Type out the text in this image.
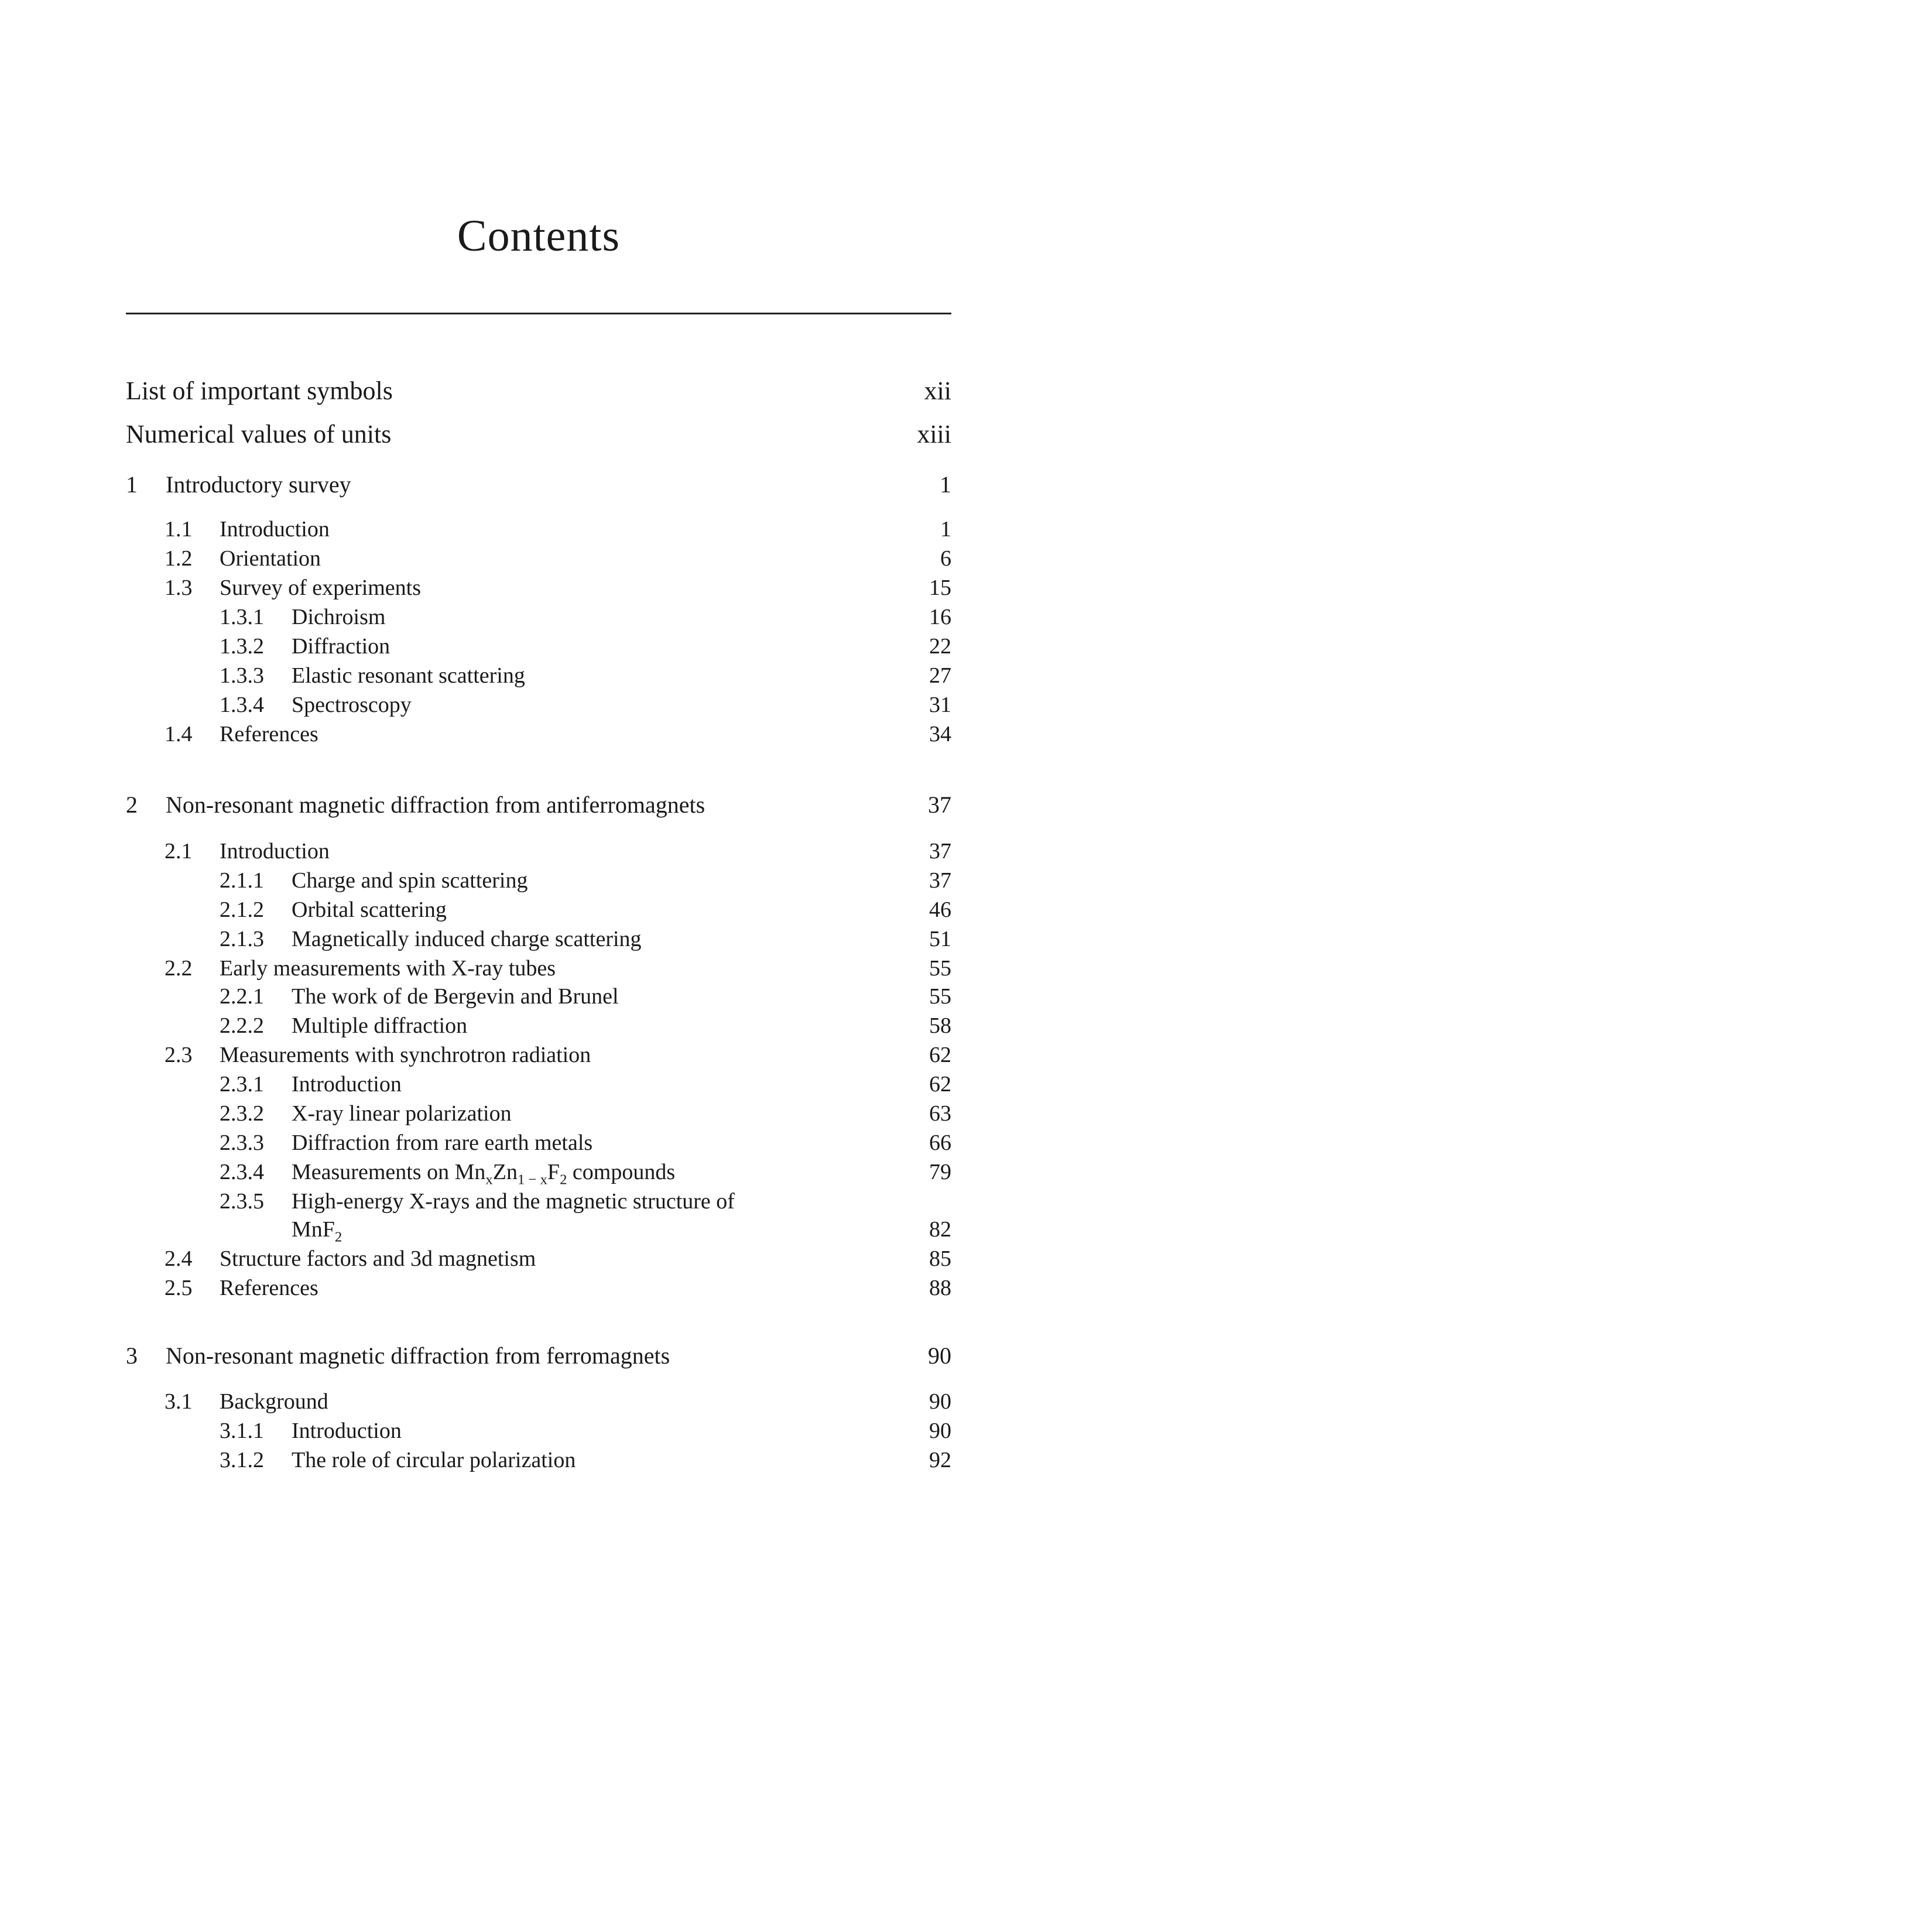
Contents
List of important symbols	xii
Numerical values of units	xiii
1 Introductory survey	1
1.1 Introduction	1
1.2 Orientation	6
1.3 Survey of experiments	15
1.3.1 Dichroism	16
1.3.2 Diffraction	22
1.3.3 Elastic resonant scattering	27
1.3.4 Spectroscopy	31
1.4 References	34
2 Non-resonant magnetic diffraction from antiferromagnets	37
2.1 Introduction	37
2.1.1 Charge and spin scattering	37
2.1.2 Orbital scattering	46
2.1.3 Magnetically induced charge scattering	51
2.2 Early measurements with X-ray tubes	55
2.2.1 The work of de Bergevin and Brunel	55
2.2.2 Multiple diffraction	58
2.3 Measurements with synchrotron radiation	62
2.3.1 Introduction	62
2.3.2 X-ray linear polarization	63
2.3.3 Diffraction from rare earth metals	66
2.3.4 Measurements on $Mn_xZn_{1 - x}F_2$ compounds	79
2.3.5 High-energy X-rays and the magnetic structure of
MnF$_2$	82
2.4 Structure factors and 3d magnetism	85
2.5 References	88
3 Non-resonant magnetic diffraction from ferromagnets	90
3.1 Background	90
3.1.1 Introduction	90
3.1.2 The role of circular polarization	92
